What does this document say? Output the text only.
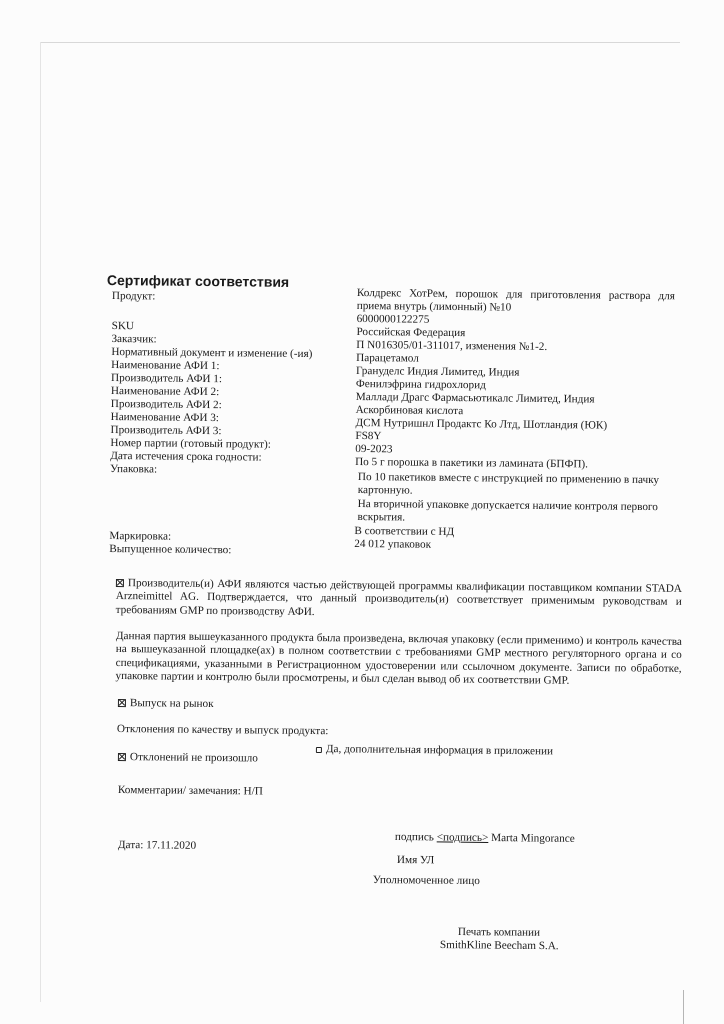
Сертификат соответствия
Продукт:
SKU
Заказчик:
Нормативный документ и изменение (-ия)
Наименование АФИ 1:
Производитель АФИ 1:
Наименование АФИ 2:
Производитель АФИ 2:
Наименование АФИ 3:
Производитель АФИ 3:
Номер партии (готовый продукт):
Дата истечения срока годности:
Упаковка:
Маркировка:
Выпущенное количество:
Колдрекс ХотРем, порошок для приготовления раствора для приема внутрь (лимонный) №10
6000000122275
Российская Федерация
П N016305/01-311017, изменения №1-2.
Парацетамол
Грануделс Индия Лимитед, Индия
Фенилэфрина гидрохлорид
Маллади Драгс Фармасьютикалс Лимитед, Индия
Аскорбиновая кислота
ДСМ Нутришнл Продактс Ко Лтд, Шотландия (ЮК)
FS8Y
09-2023
По 5 г порошка в пакетики из ламината (БПФП).
По 10 пакетиков вместе с инструкцией по применению в пачку картонную.
На вторичной упаковке допускается наличие контроля первого вскрытия.
В соответствии с НД
24 012 упаковок
Производитель(и) АФИ являются частью действующей программы квалификации поставщиком компании STADA Arzneimittel AG. Подтверждается, что данный производитель(и) соответствует применимым руководствам и требованиям GMP по производству АФИ.
Данная партия вышеуказанного продукта была произведена, включая упаковку (если применимо) и контроль качества на вышеуказанной площадке(ах) в полном соответствии с требованиями GMP местного регуляторного органа и со спецификациями, указанными в Регистрационном удостоверении или ссылочном документе. Записи по обработке, упаковке партии и контролю были просмотрены, и был сделан вывод об их соответствии GMP.
Выпуск на рынок
Отклонения по качеству и выпуск продукта:
Отклонений не произошло
Да, дополнительная информация в приложении
Комментарии/ замечания: Н/П
Дата: 17.11.2020
подпись <подпись> Marta Mingorance
Имя УЛ
Уполномоченное лицо
Печать компании
SmithKline Beecham S.A.
